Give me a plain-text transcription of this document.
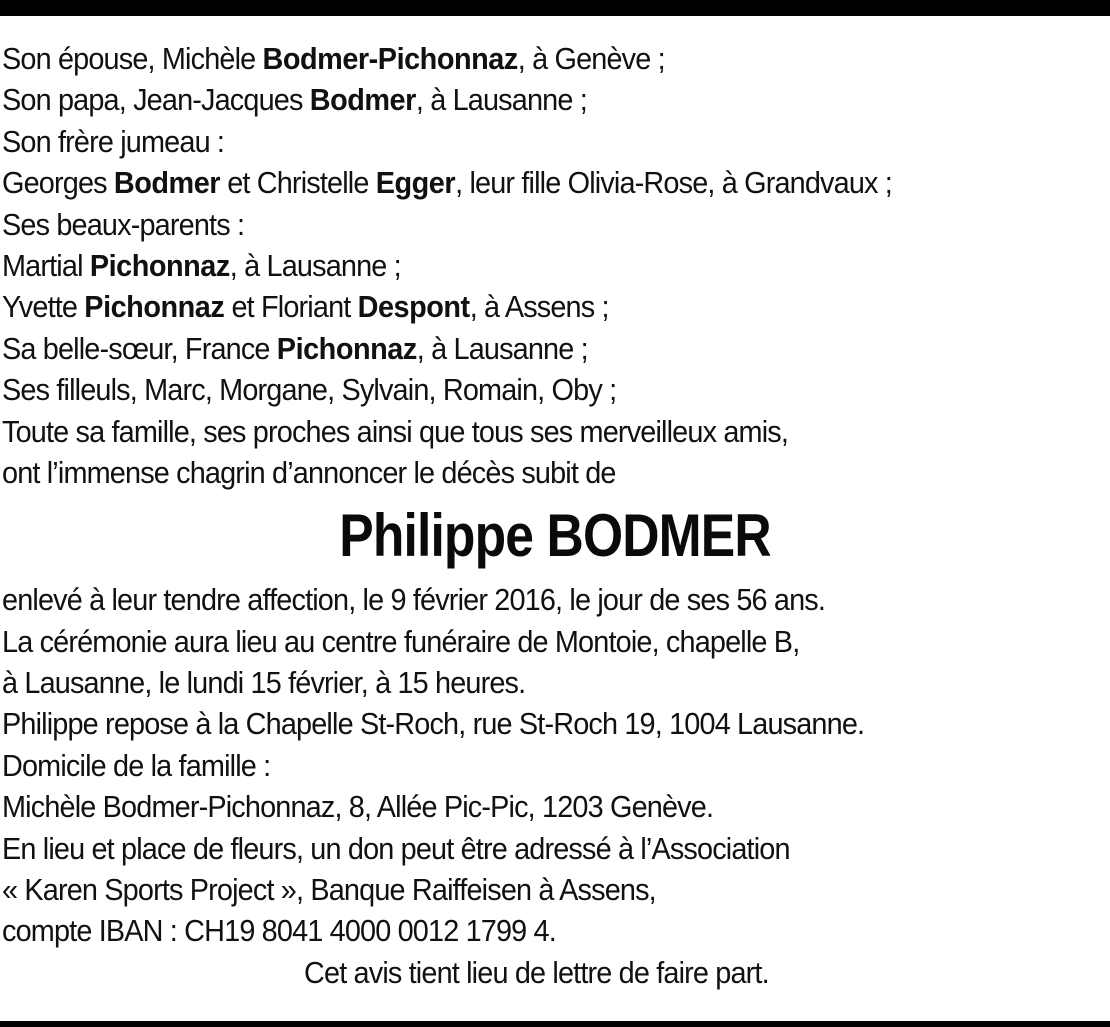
Son épouse, Michèle Bodmer-Pichonnaz, à Genève ;
Son papa, Jean-Jacques Bodmer, à Lausanne ;
Son frère jumeau :
Georges Bodmer et Christelle Egger, leur fille Olivia-Rose, à Grandvaux ;
Ses beaux-parents :
Martial Pichonnaz, à Lausanne ;
Yvette Pichonnaz et Floriant Despont, à Assens ;
Sa belle-sœur, France Pichonnaz, à Lausanne ;
Ses filleuls, Marc, Morgane, Sylvain, Romain, Oby ;
Toute sa famille, ses proches ainsi que tous ses merveilleux amis,
ont l’immense chagrin d’annoncer le décès subit de
Philippe BODMER
enlevé à leur tendre affection, le 9 février 2016, le jour de ses 56 ans.
La cérémonie aura lieu au centre funéraire de Montoie, chapelle B,
à Lausanne, le lundi 15 février, à 15 heures.
Philippe repose à la Chapelle St-Roch, rue St-Roch 19, 1004 Lausanne.
Domicile de la famille :
Michèle Bodmer-Pichonnaz, 8, Allée Pic-Pic, 1203 Genève.
En lieu et place de fleurs, un don peut être adressé à l’Association
« Karen Sports Project », Banque Raiffeisen à Assens,
compte IBAN : CH19 8041 4000 0012 1799 4.
Cet avis tient lieu de lettre de faire part.
